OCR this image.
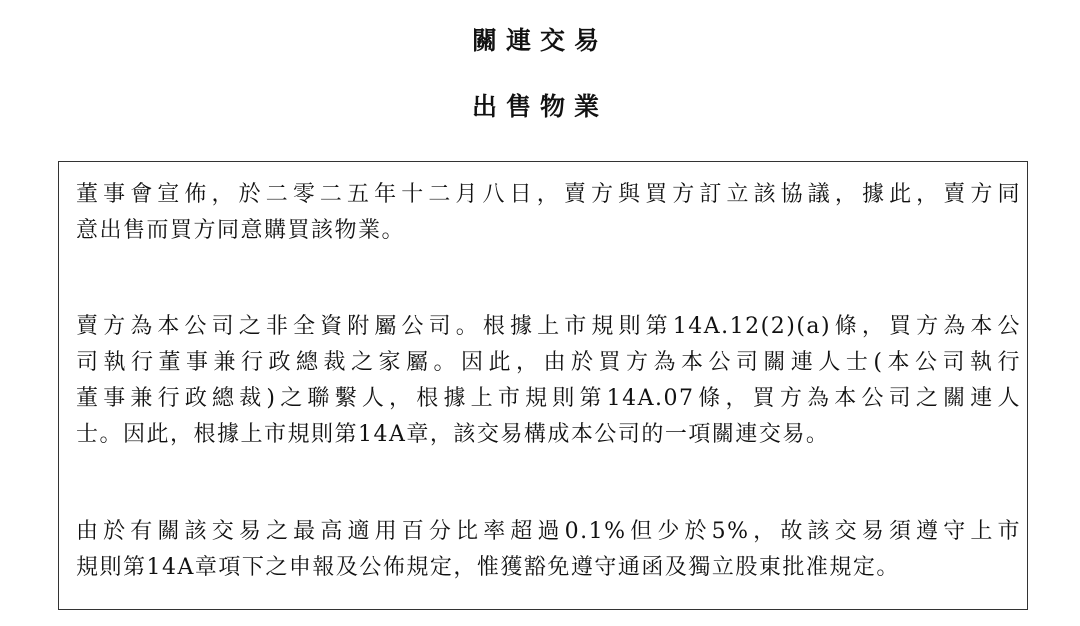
關連交易
出售物業
董事會宣佈，於二零二五年十二月八日，賣方與買方訂立該協議，據此，賣方同
意出售而買方同意購買該物業。
賣方為本公司之非全資附屬公司。根據上市規則第14A.12(2)(a)條，買方為本公
司執行董事兼行政總裁之家屬。因此，由於買方為本公司關連人士(本公司執行
董事兼行政總裁)之聯繫人，根據上市規則第14A.07條，買方為本公司之關連人
士。因此，根據上市規則第14A章，該交易構成本公司的一項關連交易。
由於有關該交易之最高適用百分比率超過0.1%但少於5%，故該交易須遵守上市
規則第14A章項下之申報及公佈規定，惟獲豁免遵守通函及獨立股東批准規定。
